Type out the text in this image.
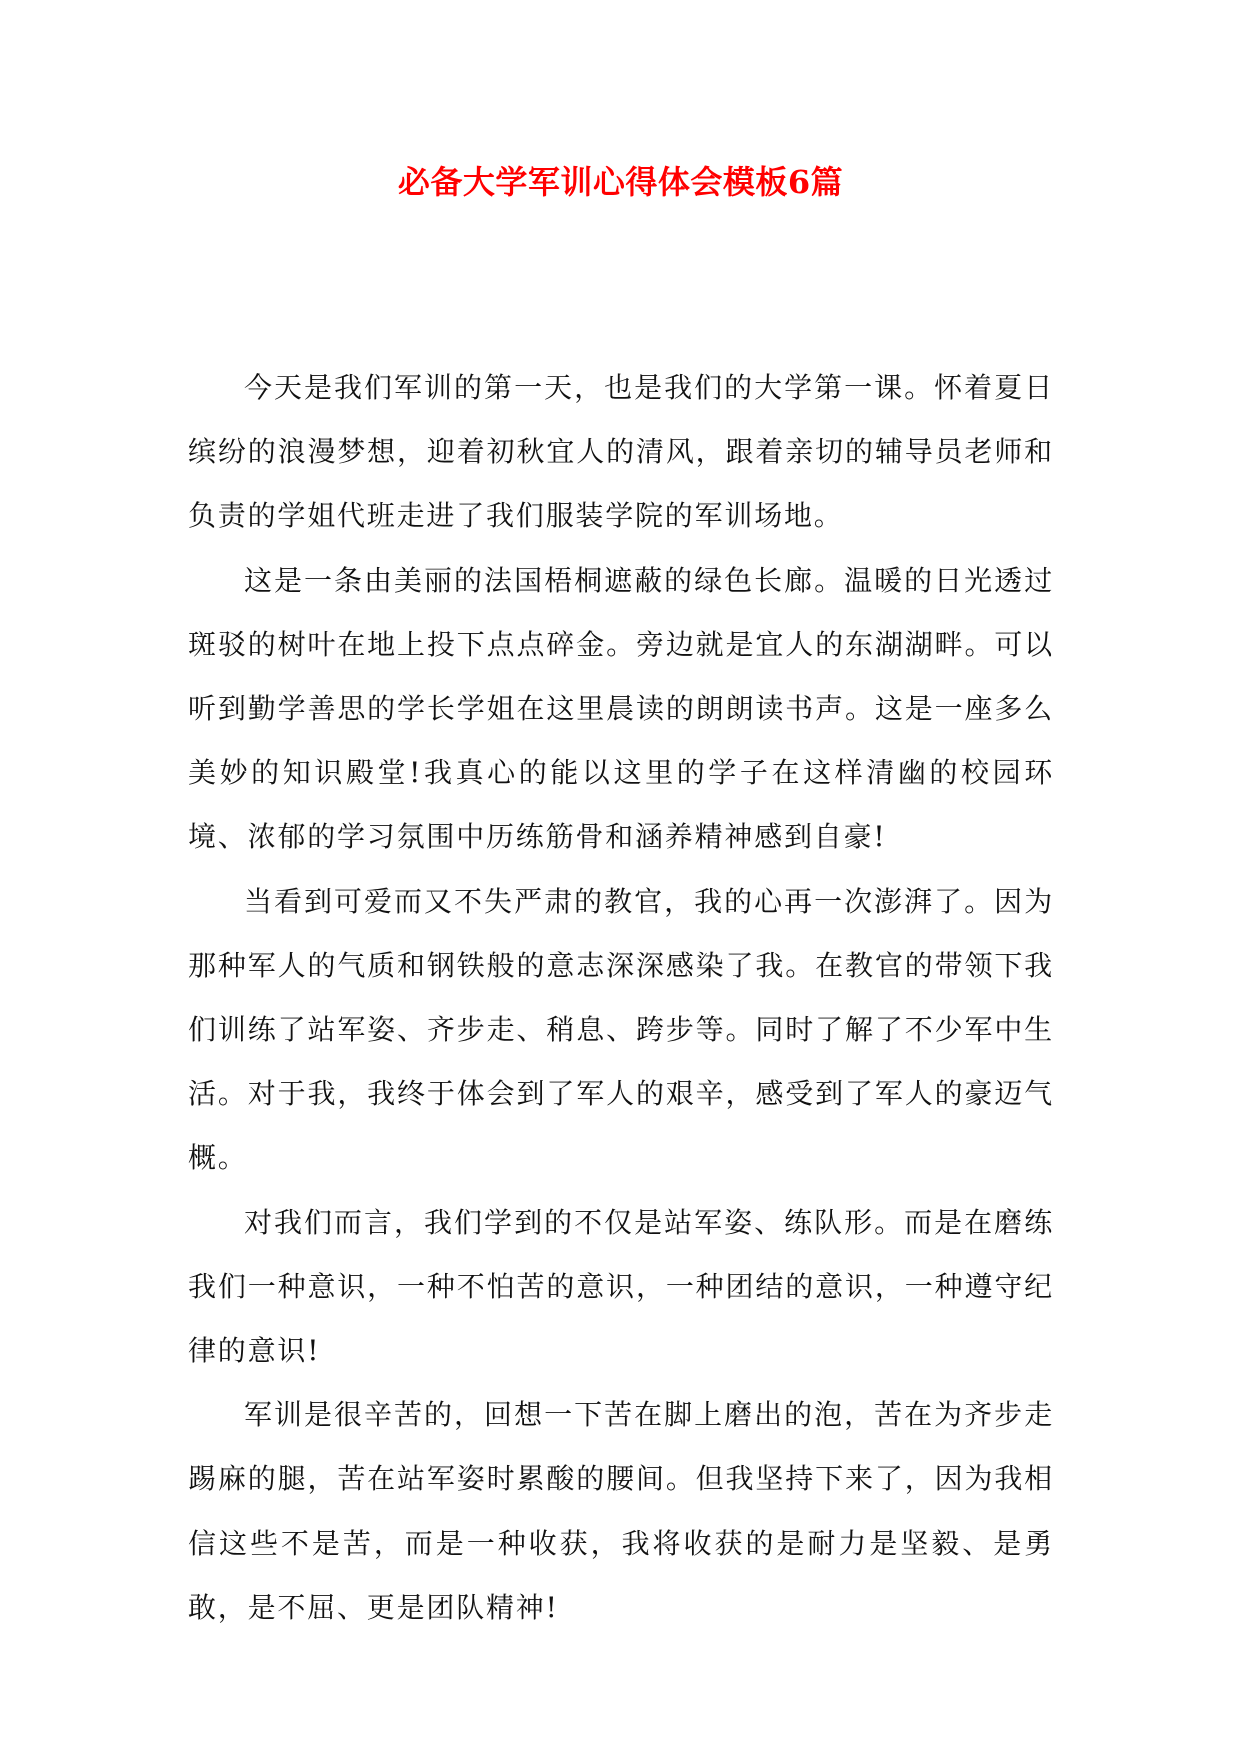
必备大学军训心得体会模板6篇

今天是我们军训的第一天，也是我们的大学第一课。怀着夏日缤纷的浪漫梦想，迎着初秋宜人的清风，跟着亲切的辅导员老师和负责的学姐代班走进了我们服装学院的军训场地。

这是一条由美丽的法国梧桐遮蔽的绿色长廊。温暖的日光透过斑驳的树叶在地上投下点点碎金。旁边就是宜人的东湖湖畔。可以听到勤学善思的学长学姐在这里晨读的朗朗读书声。这是一座多么美妙的知识殿堂!我真心的能以这里的学子在这样清幽的校园环境、浓郁的学习氛围中历练筋骨和涵养精神感到自豪!

当看到可爱而又不失严肃的教官，我的心再一次澎湃了。因为那种军人的气质和钢铁般的意志深深感染了我。在教官的带领下我们训练了站军姿、齐步走、稍息、跨步等。同时了解了不少军中生活。对于我，我终于体会到了军人的艰辛，感受到了军人的豪迈气概。

对我们而言，我们学到的不仅是站军姿、练队形。而是在磨练我们一种意识，一种不怕苦的意识，一种团结的意识，一种遵守纪律的意识!

军训是很辛苦的，回想一下苦在脚上磨出的泡，苦在为齐步走踢麻的腿，苦在站军姿时累酸的腰间。但我坚持下来了，因为我相信这些不是苦，而是一种收获，我将收获的是耐力是坚毅、是勇敢，是不屈、更是团队精神!
